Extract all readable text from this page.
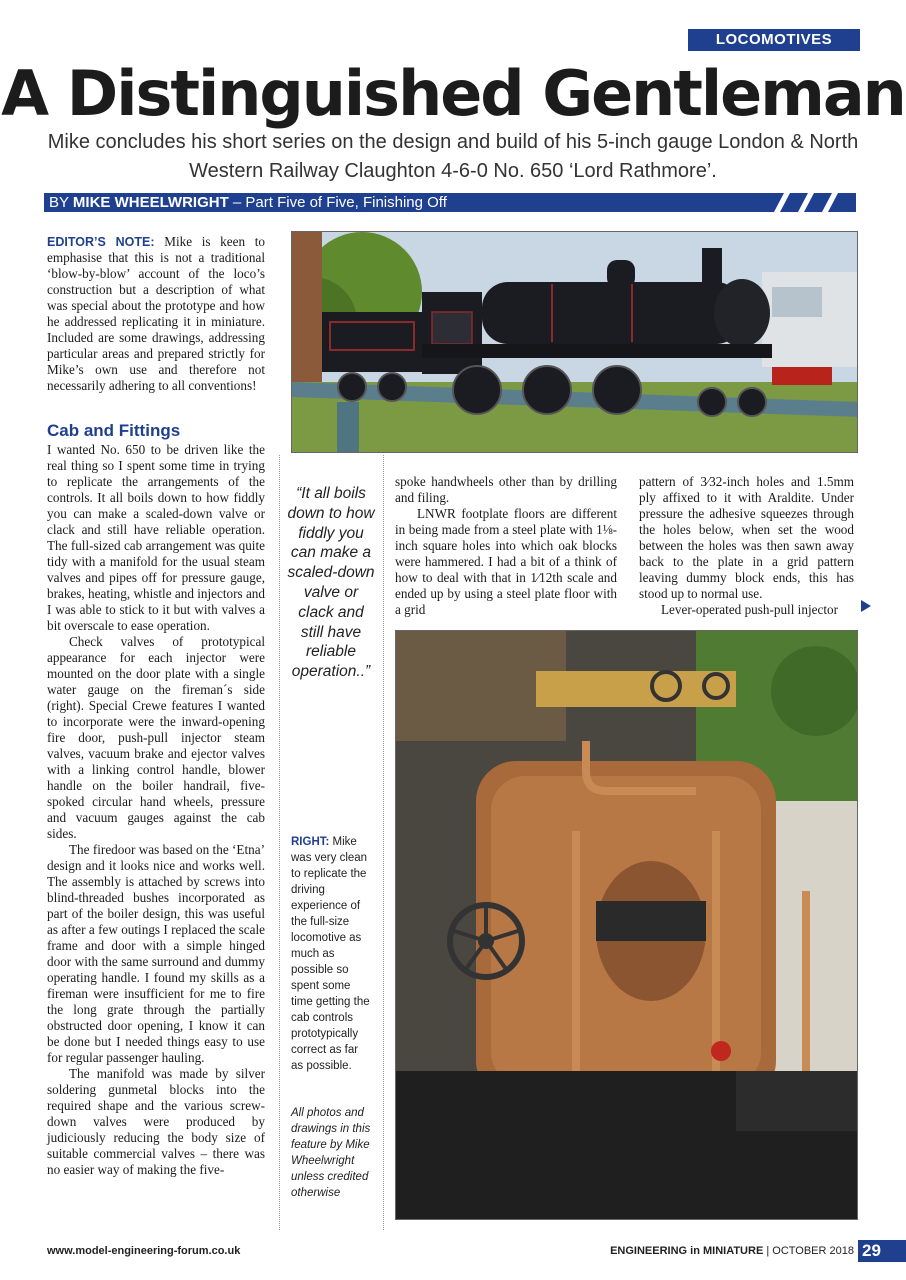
LOCOMOTIVES
A Distinguished Gentleman

Mike concludes his short series on the design and build of his 5-inch gauge London & North Western Railway Claughton 4-6-0 No. 650 ‘Lord Rathmore’.

BY MIKE WHEELWRIGHT – Part Five of Five, Finishing Off

EDITOR’S NOTE: Mike is keen to emphasise that this is not a traditional ‘blow-by-blow’ account of the loco’s construction but a description of what was special about the prototype and how he addressed replicating it in miniature. Included are some drawings, addressing particular areas and prepared strictly for Mike’s own use and therefore not necessarily adhering to all conventions!

Cab and Fittings

I wanted No. 650 to be driven like the real thing so I spent some time in trying to replicate the arrangements of the controls. It all boils down to how fiddly you can make a scaled-down valve or clack and still have reliable operation. The full-sized cab arrangement was quite tidy with a manifold for the usual steam valves and pipes off for pressure gauge, brakes, heating, whistle and injectors and I was able to stick to it but with valves a bit overscale to ease operation.

Check valves of prototypical appearance for each injector were mounted on the door plate with a single water gauge on the fireman´s side (right). Special Crewe features I wanted to incorporate were the inward-opening fire door, push-pull injector steam valves, vacuum brake and ejector valves with a linking control handle, blower handle on the boiler handrail, five-spoked circular hand wheels, pressure and vacuum gauges against the cab sides.

The firedoor was based on the ‘Etna’ design and it looks nice and works well. The assembly is attached by screws into blind-threaded bushes incorporated as part of the boiler design, this was useful as after a few outings I replaced the scale frame and door with a simple hinged door with the same surround and dummy operating handle. I found my skills as a fireman were insufficient for me to fire the long grate through the partially obstructed door opening, I know it can be done but I needed things easy to use for regular passenger hauling.

The manifold was made by silver soldering gunmetal blocks into the required shape and the various screw-down valves were produced by judiciously reducing the body size of suitable commercial valves – there was no easier way of making the five-

“It all boils down to how fiddly you can make a scaled-down valve or clack and still have reliable operation..”
RIGHT: Mike was very clean to replicate the driving experience of the full-size locomotive as much as possible so spent some time getting the cab controls prototypically correct as far as possible.
All photos and drawings in this feature by Mike Wheelwright unless credited otherwise

spoke handwheels other than by drilling and filing.

LNWR footplate floors are different in being made from a steel plate with 1⅛-inch square holes into which oak blocks were hammered. I had a bit of a think of how to deal with that in 1⁄12th scale and ended up by using a steel plate floor with a grid

pattern of 3⁄32-inch holes and 1.5mm ply affixed to it with Araldite. Under pressure the adhesive squeezes through the holes below, when set the wood between the holes was then sawn away back to the plate in a grid pattern leaving dummy block ends, this has stood up to normal use.

Lever-operated push-pull injector

www.model-engineering-forum.co.uk	ENGINEERING in MINIATURE | OCTOBER 2018 29
